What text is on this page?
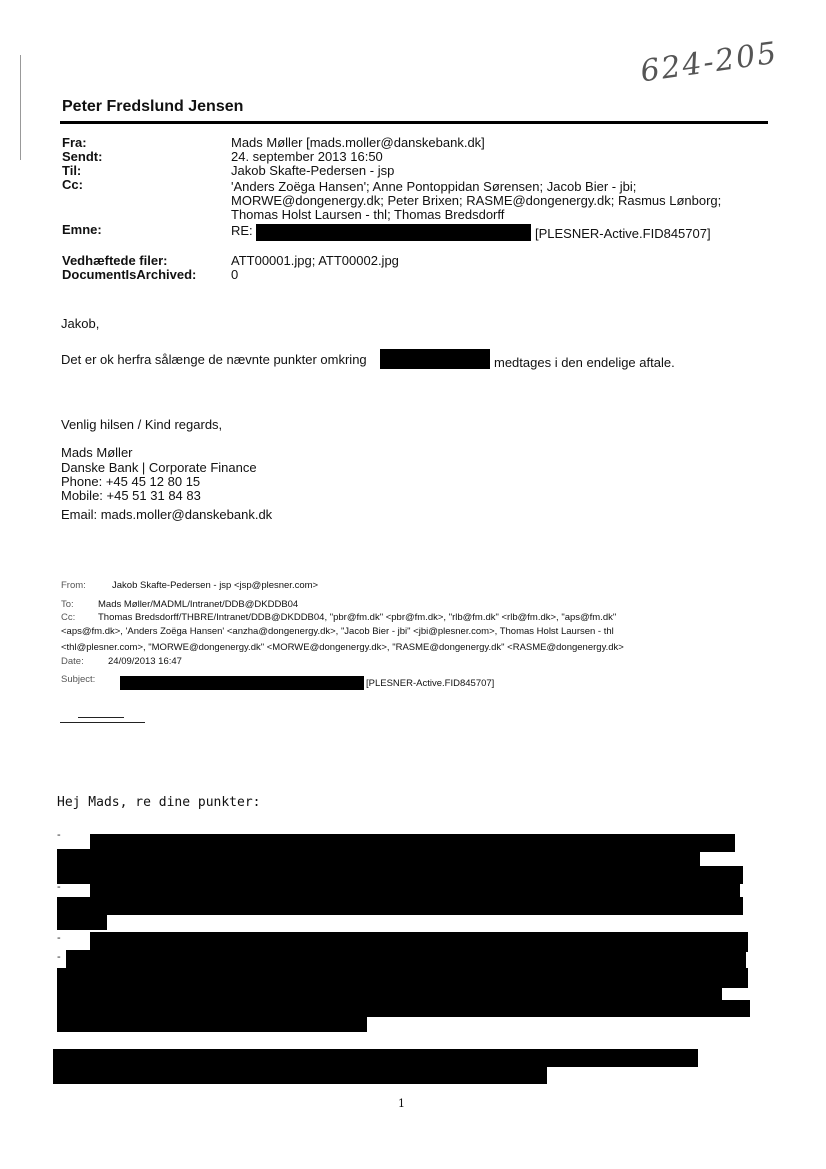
624-205
Peter Fredslund Jensen
Fra:	Mads Møller [mads.moller@danskebank.dk]
Sendt:	24. september 2013 16:50
Til:	Jakob Skafte-Pedersen - jsp
Cc:	'Anders Zoëga Hansen'; Anne Pontoppidan Sørensen; Jacob Bier - jbi;
MORWE@dongenergy.dk; Peter Brixen; RASME@dongenergy.dk; Rasmus Lønborg;
Thomas Holst Laursen - thl; Thomas Bredsdorff
Emne:	RE:	[PLESNER-Active.FID845707]
Vedhæftede filer:	ATT00001.jpg; ATT00002.jpg
DocumentIsArchived:	0
Jakob,
Det er ok herfra sålænge de nævnte punkter omkring	medtages i den endelige aftale.
Venlig hilsen / Kind regards,
Mads Møller
Danske Bank | Corporate Finance
Phone: +45 45 12 80 15
Mobile: +45 51 31 84 83
Email: mads.moller@danskebank.dk
From:	Jakob Skafte-Pedersen - jsp <jsp@plesner.com>
To:	Mads Møller/MADML/Intranet/DDB@DKDDB04
Cc: Thomas Bredsdorff/THBRE/Intranet/DDB@DKDDB04, "pbr@fm.dk" <pbr@fm.dk>, "rlb@fm.dk" <rlb@fm.dk>, "aps@fm.dk"
<aps@fm.dk>, 'Anders Zoëga Hansen' <anzha@dongenergy.dk>, "Jacob Bier - jbi" <jbi@plesner.com>, Thomas Holst Laursen - thl
<thl@plesner.com>, "MORWE@dongenergy.dk" <MORWE@dongenergy.dk>, "RASME@dongenergy.dk" <RASME@dongenergy.dk>
Date:	24/09/2013 16:47
Subject:	[PLESNER-Active.FID845707]
Hej Mads, re dine punkter:
-
-
-
-
1
